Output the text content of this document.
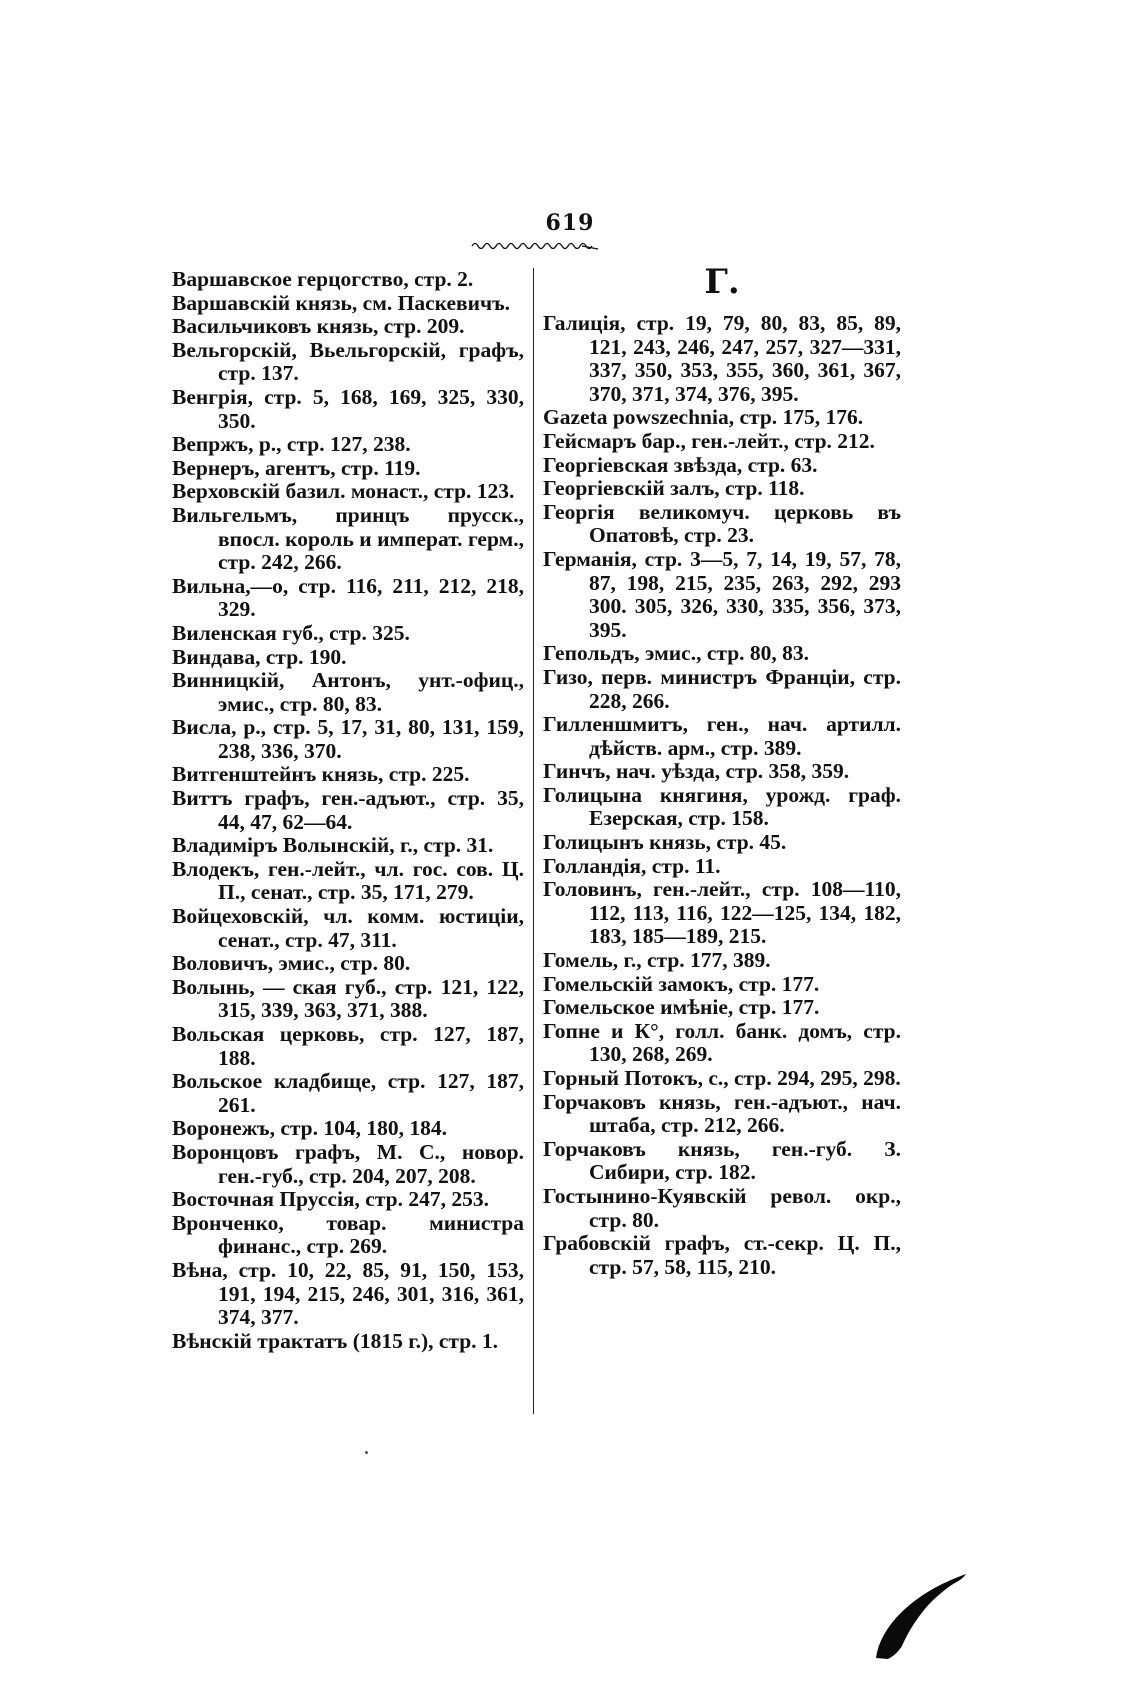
619

Варшавское герцогство, стр. 2.

Варшавскій князь, см. Паскевичъ.

Васильчиковъ князь, стр. 209.

Вельгорскій, Вьельгорскій, графъ, стр. 137.

Венгрія, стр. 5, 168, 169, 325, 330, 350.

Вепржъ, р., стр. 127, 238.

Вернеръ, агентъ, стр. 119.

Верховскій базил. монаст., стр. 123.

Вильгельмъ, принцъ прусск., впосл. король и императ. герм., стр. 242, 266.

Вильна,—о, стр. 116, 211, 212, 218, 329.

Виленская губ., стр. 325.

Виндава, стр. 190.

Винницкій, Антонъ, унт.-офиц., эмис., стр. 80, 83.

Висла, р., стр. 5, 17, 31, 80, 131, 159, 238, 336, 370.

Витгенштейнъ князь, стр. 225.

Виттъ графъ, ген.-адъют., стр. 35, 44, 47, 62—64.

Владиміръ Волынскій, г., стр. 31.

Влодекъ, ген.-лейт., чл. гос. сов. Ц. П., сенат., стр. 35, 171, 279.

Войцеховскій, чл. комм. юстиціи, сенат., стр. 47, 311.

Воловичъ, эмис., стр. 80.

Волынь, — ская губ., стр. 121, 122, 315, 339, 363, 371, 388.

Вольская церковь, стр. 127, 187, 188.

Вольское кладбище, стр. 127, 187, 261.

Воронежъ, стр. 104, 180, 184.

Воронцовъ графъ, М. С., новор. ген.-губ., стр. 204, 207, 208.

Восточная Пруссія, стр. 247, 253.

Вронченко, товар. министра финанс., стр. 269.

Вѣна, стр. 10, 22, 85, 91, 150, 153, 191, 194, 215, 246, 301, 316, 361, 374, 377.

Вѣнскій трактатъ (1815 г.), стр. 1.

Г.

Галиція, стр. 19, 79, 80, 83, 85, 89, 121, 243, 246, 247, 257, 327—331, 337, 350, 353, 355, 360, 361, 367, 370, 371, 374, 376, 395.

Gazeta powszechnia, стр. 175, 176.

Гейсмаръ бар., ген.-лейт., стр. 212.

Георгіевская звѣзда, стр. 63.

Георгіевскій залъ, стр. 118.

Георгія великомуч. церковь въ Опатовѣ, стр. 23.

Германія, стр. 3—5, 7, 14, 19, 57, 78, 87, 198, 215, 235, 263, 292, 293 300. 305, 326, 330, 335, 356, 373, 395.

Гепольдъ, эмис., стр. 80, 83.

Гизо, перв. министръ Франціи, стр. 228, 266.

Гилленшмитъ, ген., нач. артилл. дѣйств. арм., стр. 389.

Гинчъ, нач. уѣзда, стр. 358, 359.

Голицына княгиня, урожд. граф. Езерская, стр. 158.

Голицынъ князь, стр. 45.

Голландія, стр. 11.

Головинъ, ген.-лейт., стр. 108—110, 112, 113, 116, 122—125, 134, 182, 183, 185—189, 215.

Гомель, г., стр. 177, 389.

Гомельскій замокъ, стр. 177.

Гомельское имѣніе, стр. 177.

Гопне и К°, голл. банк. домъ, стр. 130, 268, 269.

Горный Потокъ, с., стр. 294, 295, 298.

Горчаковъ князь, ген.-адъют., нач. штаба, стр. 212, 266.

Горчаковъ князь, ген.-губ. З. Сибири, стр. 182.

Гостынино-Куявскій револ. окр., стр. 80.

Грабовскій графъ, ст.-секр. Ц. П., стр. 57, 58, 115, 210.
